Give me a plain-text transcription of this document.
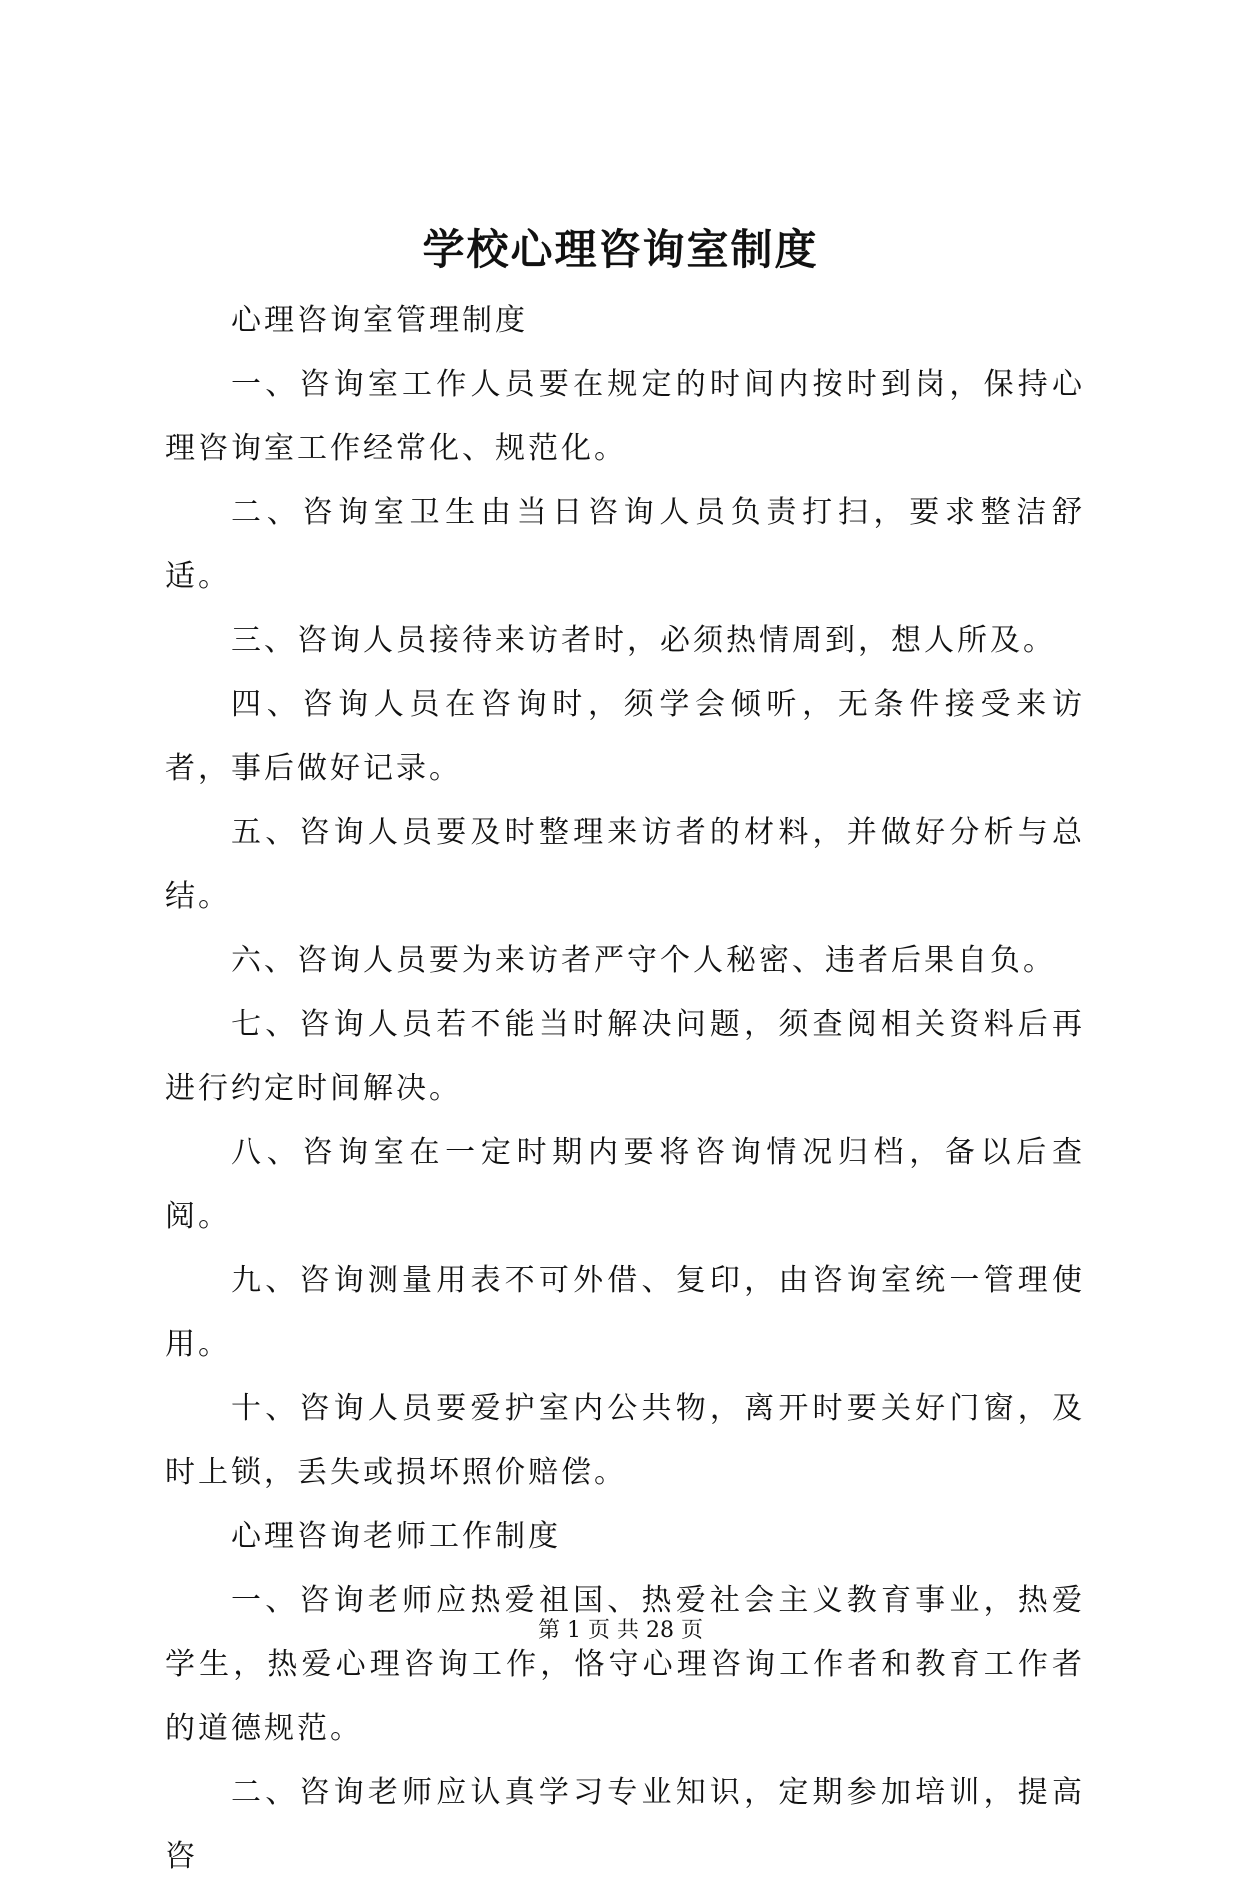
学校心理咨询室制度

心理咨询室管理制度

一、咨询室工作人员要在规定的时间内按时到岗，保持心理咨询室工作经常化、规范化。

二、咨询室卫生由当日咨询人员负责打扫，要求整洁舒适。

三、咨询人员接待来访者时，必须热情周到，想人所及。

四、咨询人员在咨询时，须学会倾听，无条件接受来访者，事后做好记录。

五、咨询人员要及时整理来访者的材料，并做好分析与总结。

六、咨询人员要为来访者严守个人秘密、违者后果自负。

七、咨询人员若不能当时解决问题，须查阅相关资料后再进行约定时间解决。

八、咨询室在一定时期内要将咨询情况归档，备以后查阅。

九、咨询测量用表不可外借、复印，由咨询室统一管理使用。

十、咨询人员要爱护室内公共物，离开时要关好门窗，及时上锁，丢失或损坏照价赔偿。

心理咨询老师工作制度

一、咨询老师应热爱祖国、热爱社会主义教育事业，热爱学生，热爱心理咨询工作，恪守心理咨询工作者和教育工作者的道德规范。

二、咨询老师应认真学习专业知识，定期参加培训，提高咨

第 1 页 共 28 页
